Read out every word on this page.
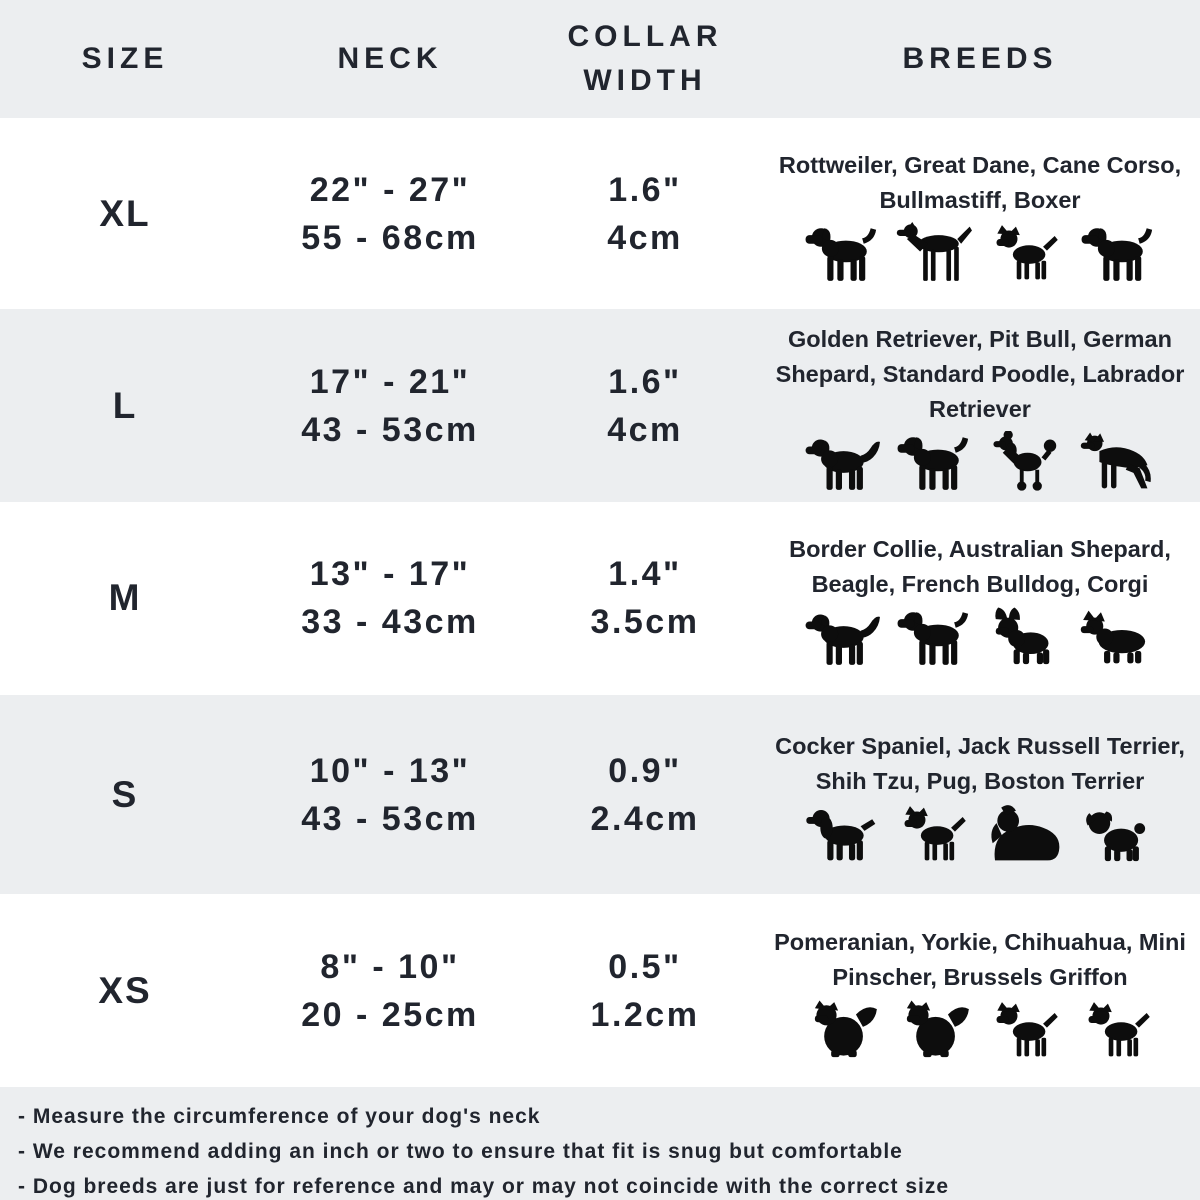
SIZE	NECK
COLLAR WIDTH
BREEDS
XL
22" - 27"
55 - 68cm
1.6"
4cm

Rottweiler, Great Dane, Cane Corso, Bullmastiff, Boxer

L
17" - 21"
43 - 53cm
1.6"
4cm

Golden Retriever, Pit Bull, German Shepard, Standard Poodle, Labrador Retriever

M
13" - 17"
33 - 43cm
1.4"
3.5cm

Border Collie, Australian Shepard, Beagle, French Bulldog, Corgi

S
10" - 13"
43 - 53cm
0.9"
2.4cm

Cocker Spaniel, Jack Russell Terrier, Shih Tzu, Pug, Boston Terrier

XS
8" - 10"
20 - 25cm
0.5"
1.2cm

Pomeranian, Yorkie, Chihuahua, Mini Pinscher, Brussels Griffon

- Measure the circumference of your dog's neck

- We recommend adding an inch or two to ensure that fit is snug but comfortable

- Dog breeds are just for reference and may or may not coincide with the correct size
